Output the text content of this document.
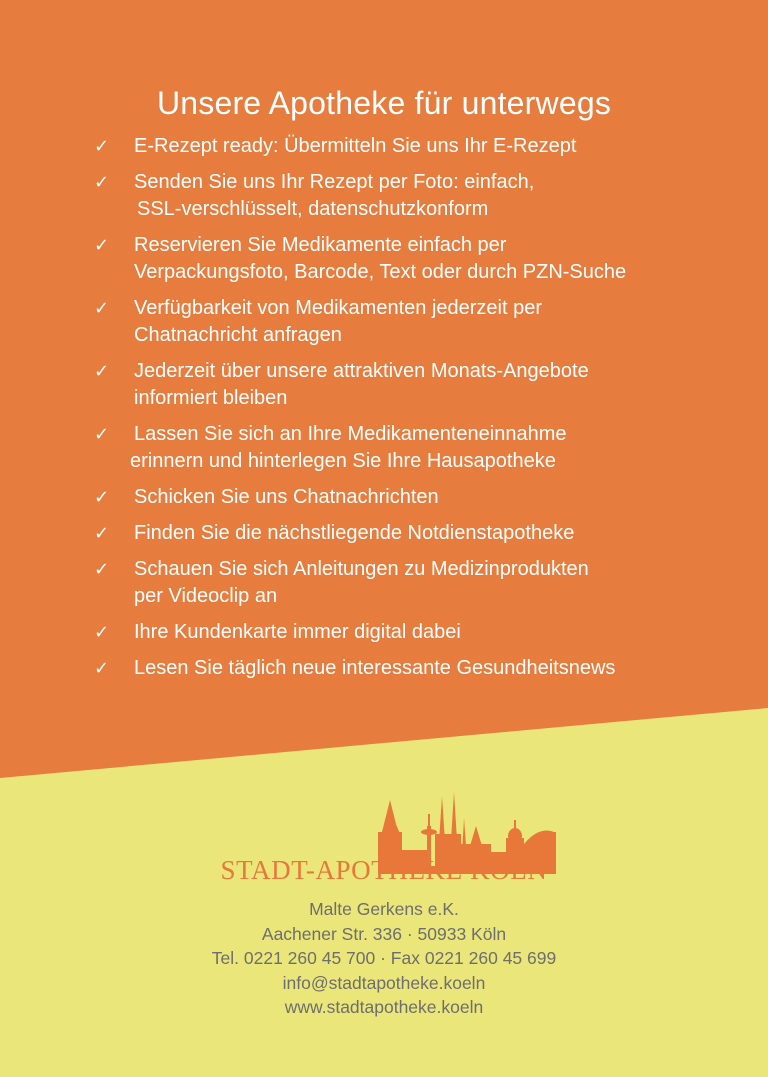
Unsere Apotheke für unterwegs
✓ E-Rezept ready: Übermitteln Sie uns Ihr E-Rezept
✓ Senden Sie uns Ihr Rezept per Foto: einfach,
SSL-verschlüsselt, datenschutzkonform
✓ Reservieren Sie Medikamente einfach per
Verpackungsfoto, Barcode, Text oder durch PZN-Suche
✓ Verfügbarkeit von Medikamenten jederzeit per
Chatnachricht anfragen
✓ Jederzeit über unsere attraktiven Monats-Angebote
informiert bleiben
✓ Lassen Sie sich an Ihre Medikamenteneinnahme
erinnern und hinterlegen Sie Ihre Hausapotheke
✓ Schicken Sie uns Chatnachrichten
✓ Finden Sie die nächstliegende Notdienstapotheke
✓ Schauen Sie sich Anleitungen zu Medizinprodukten
per Videoclip an
✓ Ihre Kundenkarte immer digital dabei
✓ Lesen Sie täglich neue interessante Gesundheitsnews
STADT-APOTHEKE KÖLN
Malte Gerkens e.K.
Aachener Str. 336 · 50933 Köln
Tel. 0221 260 45 700 · Fax 0221 260 45 699
info@stadtapotheke.koeln
www.stadtapotheke.koeln
